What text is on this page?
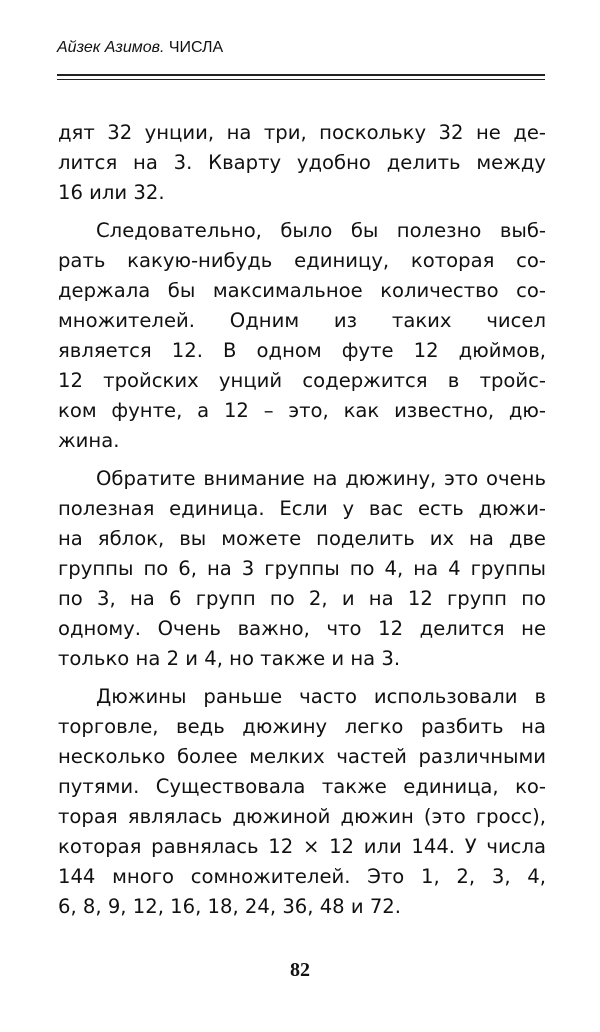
Айзек Азимов. ЧИСЛА
дят 32 унции, на три, поскольку 32 не де-
лится на 3. Кварту удобно делить между
16 или 32.
Следовательно, было бы полезно выб-
рать какую-нибудь единицу, которая со-
держала бы максимальное количество со-
множителей. Одним из таких чисел
является 12. В одном футе 12 дюймов,
12 тройских унций содержится в тройс-
ком фунте, а 12 – это, как известно, дю-
жина.
Обратите внимание на дюжину, это очень
полезная единица. Если у вас есть дюжи-
на яблок, вы можете поделить их на две
группы по 6, на 3 группы по 4, на 4 группы
по 3, на 6 групп по 2, и на 12 групп по
одному. Очень важно, что 12 делится не
только на 2 и 4, но также и на 3.
Дюжины раньше часто использовали в
торговле, ведь дюжину легко разбить на
несколько более мелких частей различными
путями. Существовала также единица, ко-
торая являлась дюжиной дюжин (это гросс),
которая равнялась 12 × 12 или 144. У числа
144 много сомножителей. Это 1, 2, 3, 4,
6, 8, 9, 12, 16, 18, 24, 36, 48 и 72.
82
